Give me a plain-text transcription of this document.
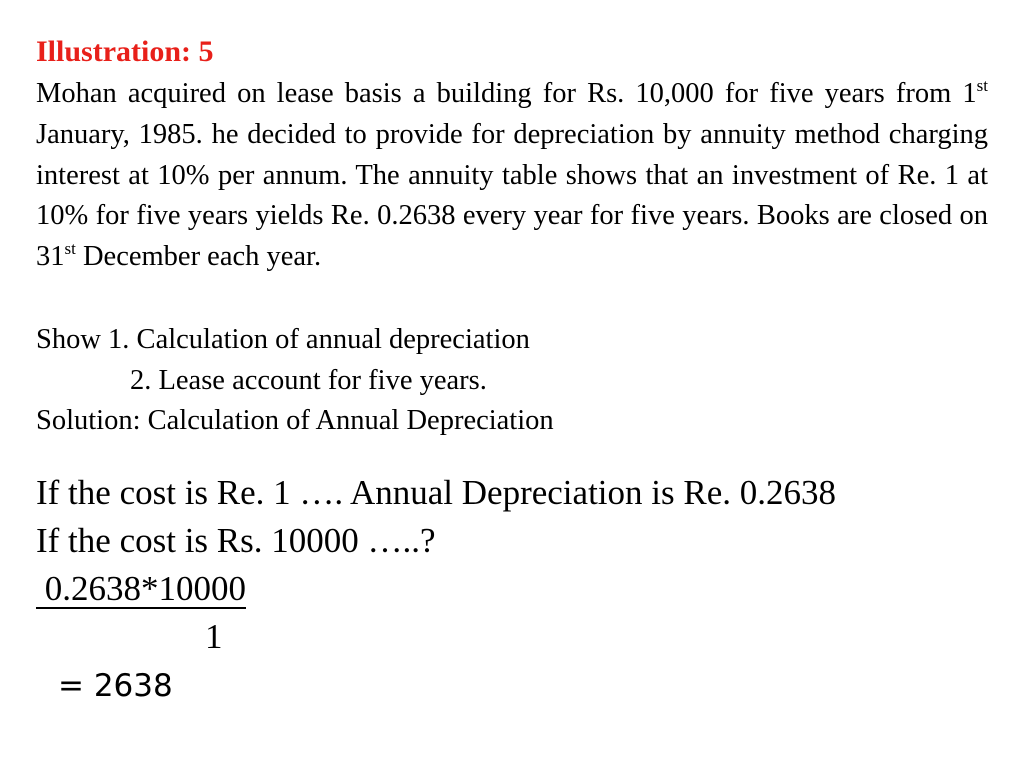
Illustration: 5
Mohan acquired on lease basis a building for Rs. 10,000 for five years from 1st January, 1985. he decided to provide for depreciation by annuity method charging interest at 10% per annum. The annuity table shows that an investment of Re. 1 at 10% for five years yields Re. 0.2638 every year for five years. Books are closed on 31st December each year.
Show 1. Calculation of annual depreciation
2. Lease account for five years.
Solution: Calculation of Annual Depreciation
If the cost is Re. 1 …. Annual Depreciation is Re. 0.2638
If the cost is Rs. 10000 …..?
0.2638*10000
1
= 2638
